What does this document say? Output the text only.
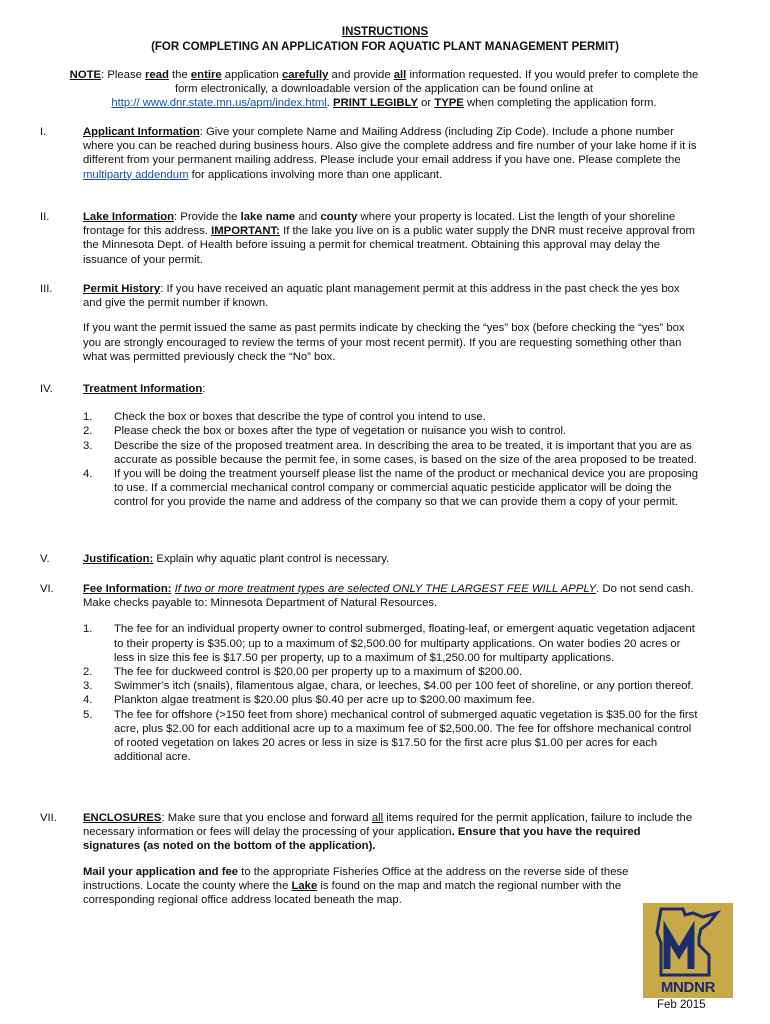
INSTRUCTIONS
(FOR COMPLETING AN APPLICATION FOR AQUATIC PLANT MANAGEMENT PERMIT)
NOTE: Please read the entire application carefully and provide all information requested. If you would prefer to complete the form electronically, a downloadable version of the application can be found online at
http:// www.dnr.state.mn.us/apm/index.html. PRINT LEGIBLY or TYPE when completing the application form.
I.	Applicant Information: Give your complete Name and Mailing Address (including Zip Code). Include a phone number where you can be reached during business hours. Also give the complete address and fire number of your lake home if it is different from your permanent mailing address. Please include your email address if you have one. Please complete the multiparty addendum for applications involving more than one applicant.
II.	Lake Information: Provide the lake name and county where your property is located. List the length of your shoreline frontage for this address. IMPORTANT: If the lake you live on is a public water supply the DNR must receive approval from the Minnesota Dept. of Health before issuing a permit for chemical treatment. Obtaining this approval may delay the issuance of your permit.
III.	Permit History: If you have received an aquatic plant management permit at this address in the past check the yes box and give the permit number if known.
If you want the permit issued the same as past permits indicate by checking the “yes” box (before checking the “yes” box you are strongly encouraged to review the terms of your most recent permit). If you are requesting something other than what was permitted previously check the “No” box.
IV.	Treatment Information:
1. Check the box or boxes that describe the type of control you intend to use.
2. Please check the box or boxes after the type of vegetation or nuisance you wish to control.
3. Describe the size of the proposed treatment area. In describing the area to be treated, it is important that you are as accurate as possible because the permit fee, in some cases, is based on the size of the area proposed to be treated.
4. If you will be doing the treatment yourself please list the name of the product or mechanical device you are proposing to use. If a commercial mechanical control company or commercial aquatic pesticide applicator will be doing the control for you provide the name and address of the company so that we can provide them a copy of your permit.
V.	Justification: Explain why aquatic plant control is necessary.
VI.	Fee Information: If two or more treatment types are selected ONLY THE LARGEST FEE WILL APPLY. Do not send cash. Make checks payable to: Minnesota Department of Natural Resources.
1. The fee for an individual property owner to control submerged, floating-leaf, or emergent aquatic vegetation adjacent to their property is $35.00; up to a maximum of $2,500.00 for multiparty applications. On water bodies 20 acres or less in size this fee is $17.50 per property, up to a maximum of $1,250.00 for multiparty applications.
2. The fee for duckweed control is $20.00 per property up to a maximum of $200.00.
3. Swimmer’s itch (snails), filamentous algae, chara, or leeches, $4.00 per 100 feet of shoreline, or any portion thereof.
4. Plankton algae treatment is $20.00 plus $0.40 per acre up to $200.00 maximum fee.
5. The fee for offshore (>150 feet from shore) mechanical control of submerged aquatic vegetation is $35.00 for the first acre, plus $2.00 for each additional acre up to a maximum fee of $2,500.00. The fee for offshore mechanical control of rooted vegetation on lakes 20 acres or less in size is $17.50 for the first acre plus $1.00 per acres for each additional acre.
VII. ENCLOSURES: Make sure that you enclose and forward all items required for the permit application, failure to include the necessary information or fees will delay the processing of your application. Ensure that you have the required signatures (as noted on the bottom of the application).
Mail your application and fee to the appropriate Fisheries Office at the address on the reverse side of these instructions. Locate the county where the Lake is found on the map and match the regional number with the corresponding regional office address located beneath the map.
MNDNR
Feb 2015
